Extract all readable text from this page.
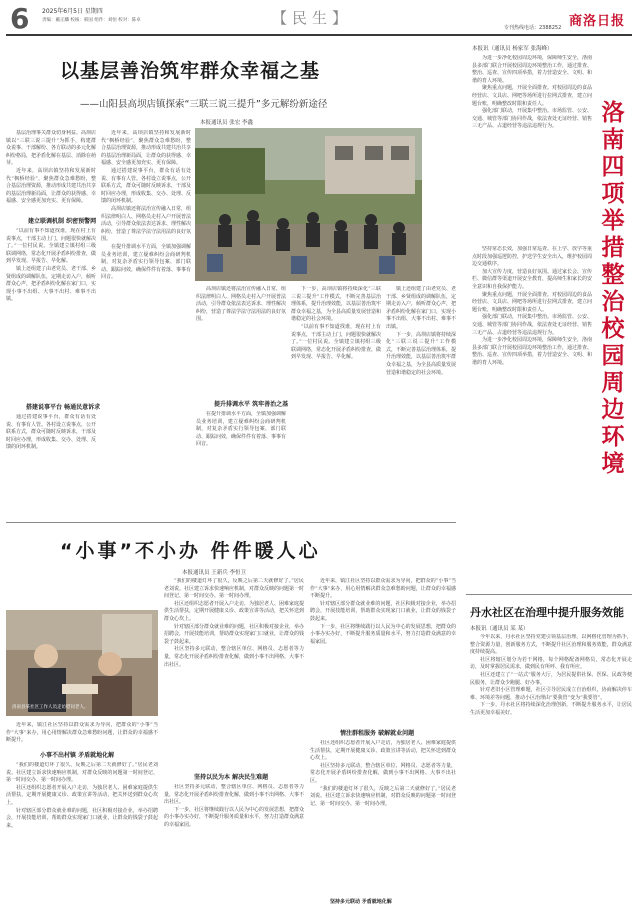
6 2025年6月5日 星期四
责编：戴正麟 校核：韩国 组件：刘恒 校对：陈卓	【民生】
专刊热线电话：2388252 商洛日报
以基层善治筑牢群众幸福之基
——山阳县高坝店镇探索“三联三说三提升”多元解纷新途径
本报通讯员 张宏 李鑫

基层治理事关群众切身利益。高坝店镇以“三联三说三提升”为抓手，构建群众说事、干部解纷、各方联动的多元化解纠纷格局，把矛盾化解在基层、消除在萌芽。

近年来，高坝店镇坚持和发展新时代“枫桥经验”，聚焦群众急难愁盼，整合基层治理资源，推动形成共建共治共享的基层治理新局面，让群众的获得感、幸福感、安全感更加充实、更有保障。

建立联调机制 织密预警网

“以前有事不知道找谁，现在村上有说事点，干部主动上门，问题很快就解决了。”一位村民说。全镇建立镇村组三级联调网络，常态化开展矛盾纠纷排查，做到早发现、早报告、早化解。

镇上还组建了由老党员、老干部、乡贤组成的调解队伍，定期走访入户，倾听群众心声，把矛盾纠纷化解在家门口，实现小事不出组、大事不出村、难事不出镇。

搭建说事平台 畅通民意诉求

通过搭建说事平台，群众有话有处说、有事有人管。各村设立说事点，公开联系方式，群众可随时反映诉求，干部及时回应办理，形成收集、交办、处理、反馈的闭环机制。

近年来，高坝店镇坚持和发展新时代“枫桥经验”，聚焦群众急难愁盼，整合基层治理资源，推动形成共建共治共享的基层治理新局面，让群众的获得感、幸福感、安全感更加充实、更有保障。

通过搭建说事平台，群众有话有处说、有事有人管。各村设立说事点，公开联系方式，群众可随时反映诉求，干部及时回应办理，形成收集、交办、处理、反馈的闭环机制。

高坝店镇还将法治宣传融入日常，组织法律明白人、网格员走村入户开展普法活动，引导群众依法表达诉求、理性解决纠纷，营造了尊法学法守法用法的良好氛围。

在提升排调水平方面，全镇加强调解员业务培训，建立疑难纠纷会商研判机制，对复杂矛盾实行领导包案、部门联动、跟踪问效，确保件件有着落、事事有回音。

高坝店镇还将法治宣传融入日常，组织法律明白人、网格员走村入户开展普法活动，引导群众依法表达诉求、理性解决纠纷，营造了尊法学法守法用法的良好氛围。

提升排调水平 筑牢善治之基

在提升排调水平方面，全镇加强调解员业务培训，建立疑难纠纷会商研判机制，对复杂矛盾实行领导包案、部门联动、跟踪问效，确保件件有着落、事事有回音。

下一步，高坝店镇将持续深化“三联三说三提升”工作模式，不断完善基层治理体系，提升治理效能，以基层善治筑牢群众幸福之基，为全县高质量发展营造和谐稳定的社会环境。

“以前有事不知道找谁，现在村上有说事点，干部主动上门，问题很快就解决了。”一位村民说。全镇建立镇村组三级联调网络，常态化开展矛盾纠纷排查，做到早发现、早报告、早化解。

镇上还组建了由老党员、老干部、乡贤组成的调解队伍，定期走访入户，倾听群众心声，把矛盾纠纷化解在家门口，实现小事不出组、大事不出村、难事不出镇。

下一步，高坝店镇将持续深化“三联三说三提升”工作模式，不断完善基层治理体系，提升治理效能，以基层善治筑牢群众幸福之基，为全县高质量发展营造和谐稳定的社会环境。

本报讯（通讯员 杨家军 张海峰）

为进一步净化校园周边环境，保障师生安全，洛南县多部门联合开展校园周边环境整治工作，通过排查、整治、巡查、宣传四项举措，着力营造安全、文明、和谐的育人环境。

聚焦重点问题，开展全面排查。对校园周边的食品经营店、文具店、网吧等场所进行拉网式排查，建立问题台账，明确整改时限和责任人。

强化部门联动，开展集中整治。市场监管、公安、交通、城管等部门协同作战，依法查处无证经营、销售三无产品、占道经营等违法违规行为。

坚持常态长效，加强日常巡查。在上学、放学等重点时段加强巡逻防控，护送学生安全出入，维护校园周边交通秩序。

加大宣传力度，营造良好氛围。通过家长会、宣传栏、微信群等渠道开展安全教育，提高师生和家长的安全意识和自我保护能力。

聚焦重点问题，开展全面排查。对校园周边的食品经营店、文具店、网吧等场所进行拉网式排查，建立问题台账，明确整改时限和责任人。

强化部门联动，开展集中整治。市场监管、公安、交通、城管等部门协同作战，依法查处无证经营、销售三无产品、占道经营等违法违规行为。

为进一步净化校园周边环境，保障师生安全，洛南县多部门联合开展校园周边环境整治工作，通过排查、整治、巡查、宣传四项举措，着力营造安全、文明、和谐的育人环境。

洛
南
四
项
举
措
整
治
校
园
周
边
环
境
“小事”不小办 件件暖人心
本报通讯员 王新兵 李恒卫
洛南县某社区工作人员走访慰问老人。

近年来，镇江社区坚持以群众需求为导向，把群众的“小事”当作“大事”来办，用心用情解决群众急难愁盼问题，让群众的幸福感不断提升。

小事不出村镇 矛盾就地化解

“我们的楼道灯坏了很久，反映之后第二天就修好了。”居民老刘说。社区建立诉求快速响应机制，对群众反映的问题第一时间登记、第一时间交办、第一时间办理。

社区还组织志愿者开展入户走访，为独居老人、困难家庭提供生活帮扶，定期开展健康义诊、政策宣讲等活动，把关怀送到群众心坎上。

针对辖区部分群众就业难的问题，社区积极对接企业，举办招聘会，开展技能培训，帮助群众实现家门口就业，让群众的钱袋子鼓起来。

“我们的楼道灯坏了很久，反映之后第二天就修好了。”居民老刘说。社区建立诉求快速响应机制，对群众反映的问题第一时间登记、第一时间交办、第一时间办理。

社区还组织志愿者开展入户走访，为独居老人、困难家庭提供生活帮扶，定期开展健康义诊、政策宣讲等活动，把关怀送到群众心坎上。

针对辖区部分群众就业难的问题，社区积极对接企业，举办招聘会，开展技能培训，帮助群众实现家门口就业，让群众的钱袋子鼓起来。

社区坚持多元联动，整合辖区单位、网格员、志愿者等力量，常态化开展矛盾纠纷排查化解，做到小事不出网格、大事不出社区。

坚持以民为本 解决民生难题

社区坚持多元联动，整合辖区单位、网格员、志愿者等力量，常态化开展矛盾纠纷排查化解，做到小事不出网格、大事不出社区。

下一步，社区将继续践行以人民为中心的发展思想，把群众的小事办实办好，不断提升服务质量和水平，努力打造群众满意的幸福家园。

近年来，镇江社区坚持以群众需求为导向，把群众的“小事”当作“大事”来办，用心用情解决群众急难愁盼问题，让群众的幸福感不断提升。

针对辖区部分群众就业难的问题，社区积极对接企业，举办招聘会，开展技能培训，帮助群众实现家门口就业，让群众的钱袋子鼓起来。

下一步，社区将继续践行以人民为中心的发展思想，把群众的小事办实办好，不断提升服务质量和水平，努力打造群众满意的幸福家园。

情注群租服务 破解就业问题

社区还组织志愿者开展入户走访，为独居老人、困难家庭提供生活帮扶，定期开展健康义诊、政策宣讲等活动，把关怀送到群众心坎上。

社区坚持多元联动，整合辖区单位、网格员、志愿者等力量，常态化开展矛盾纠纷排查化解，做到小事不出网格、大事不出社区。

“我们的楼道灯坏了很久，反映之后第二天就修好了。”居民老刘说。社区建立诉求快速响应机制，对群众反映的问题第一时间登记、第一时间交办、第一时间办理。

丹水社区在治理中提升服务效能
本报讯（通讯员 某 某）

今年以来，丹水社区坚持党建引领基层治理，以网格化管理为抓手，整合资源力量，创新服务方式，不断提升社区治理和服务效能，群众满意度持续提高。

社区将辖区划分为若干网格，每个网格配备网格员，常态化开展走访，及时掌握居民需求，做到民有所呼、我有所应。

社区还建立了“一站式”服务大厅，为居民提供社保、医保、民政等便民服务，让群众少跑腿、好办事。

针对老旧小区管理难题，社区引导居民成立自治组织，协商解决停车难、环境差等问题，推动小区治理由“要我管”变为“我要管”。

下一步，丹水社区将持续深化治理创新，不断提升服务水平，让居民生活更加幸福美好。

坚持多元联动 矛盾就地化解
